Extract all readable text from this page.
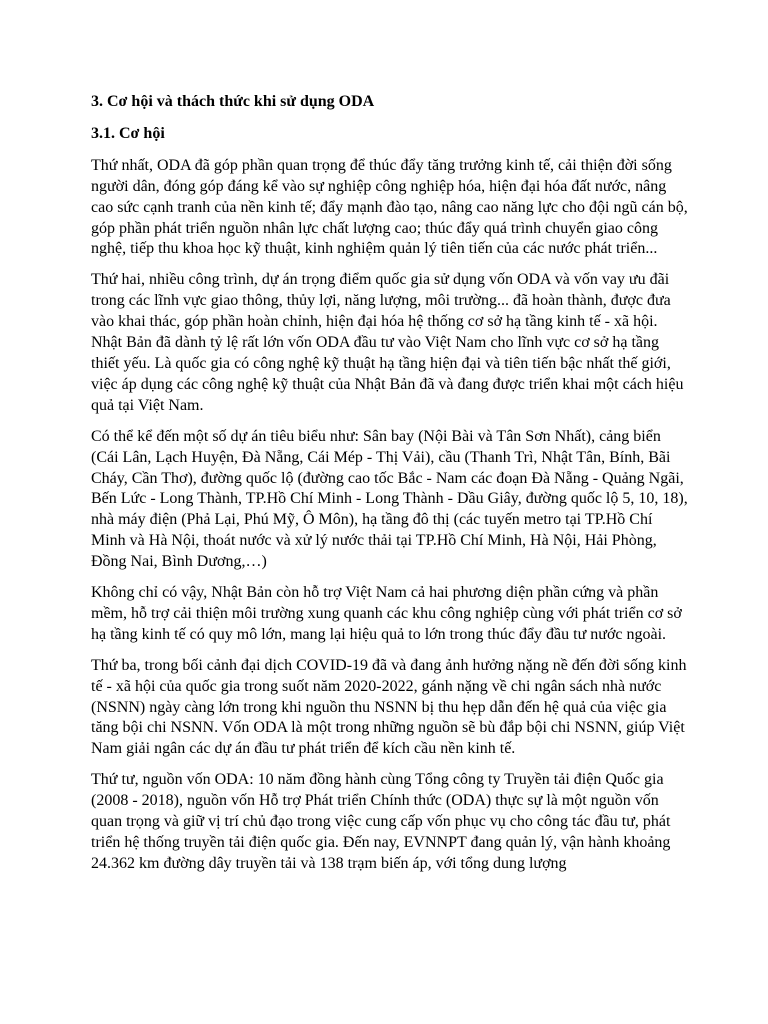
3. Cơ hội và thách thức khi sử dụng ODA

3.1. Cơ hội

Thứ nhất, ODA đã góp phần quan trọng để thúc đẩy tăng trưởng kinh tế, cải thiện đời sống người dân, đóng góp đáng kể vào sự nghiệp công nghiệp hóa, hiện đại hóa đất nước, nâng cao sức cạnh tranh của nền kinh tế; đẩy mạnh đào tạo, nâng cao năng lực cho đội ngũ cán bộ, góp phần phát triển nguồn nhân lực chất lượng cao; thúc đẩy quá trình chuyển giao công nghệ, tiếp thu khoa học kỹ thuật, kinh nghiệm quản lý tiên tiến của các nước phát triển...

Thứ hai, nhiều công trình, dự án trọng điểm quốc gia sử dụng vốn ODA và vốn vay ưu đãi trong các lĩnh vực giao thông, thủy lợi, năng lượng, môi trường... đã hoàn thành, được đưa vào khai thác, góp phần hoàn chỉnh, hiện đại hóa hệ thống cơ sở hạ tầng kinh tế - xã hội. Nhật Bản đã dành tỷ lệ rất lớn vốn ODA đầu tư vào Việt Nam cho lĩnh vực cơ sở hạ tầng thiết yếu. Là quốc gia có công nghệ kỹ thuật hạ tầng hiện đại và tiên tiến bậc nhất thế giới, việc áp dụng các công nghệ kỹ thuật của Nhật Bản đã và đang được triển khai một cách hiệu quả tại Việt Nam.

Có thể kể đến một số dự án tiêu biểu như: Sân bay (Nội Bài và Tân Sơn Nhất), cảng biển (Cái Lân, Lạch Huyện, Đà Nẵng, Cái Mép - Thị Vải), cầu (Thanh Trì, Nhật Tân, Bính, Bãi Cháy, Cần Thơ), đường quốc lộ (đường cao tốc Bắc - Nam các đoạn Đà Nẵng - Quảng Ngãi, Bến Lức - Long Thành, TP.Hồ Chí Minh - Long Thành - Dầu Giây, đường quốc lộ 5, 10, 18), nhà máy điện (Phả Lại, Phú Mỹ, Ô Môn), hạ tầng đô thị (các tuyến metro tại TP.Hồ Chí Minh và Hà Nội, thoát nước và xử lý nước thải tại TP.Hồ Chí Minh, Hà Nội, Hải Phòng, Đồng Nai, Bình Dương,…)

Không chỉ có vậy, Nhật Bản còn hỗ trợ Việt Nam cả hai phương diện phần cứng và phần mềm, hỗ trợ cải thiện môi trường xung quanh các khu công nghiệp cùng với phát triển cơ sở hạ tầng kinh tế có quy mô lớn, mang lại hiệu quả to lớn trong thúc đẩy đầu tư nước ngoài.

Thứ ba, trong bối cảnh đại dịch COVID-19 đã và đang ảnh hưởng nặng nề đến đời sống kinh tế - xã hội của quốc gia trong suốt năm 2020-2022, gánh nặng về chi ngân sách nhà nước (NSNN) ngày càng lớn trong khi nguồn thu NSNN bị thu hẹp dẫn đến hệ quả của việc gia tăng bội chi NSNN. Vốn ODA là một trong những nguồn sẽ bù đắp bội chi NSNN, giúp Việt Nam giải ngân các dự án đầu tư phát triển để kích cầu nền kinh tế.

Thứ tư, nguồn vốn ODA: 10 năm đồng hành cùng Tổng công ty Truyền tải điện Quốc gia (2008 - 2018), nguồn vốn Hỗ trợ Phát triển Chính thức (ODA) thực sự là một nguồn vốn quan trọng và giữ vị trí chủ đạo trong việc cung cấp vốn phục vụ cho công tác đầu tư, phát triển hệ thống truyền tải điện quốc gia. Đến nay, EVNNPT đang quản lý, vận hành khoảng 24.362 km đường dây truyền tải và 138 trạm biến áp, với tổng dung lượng
